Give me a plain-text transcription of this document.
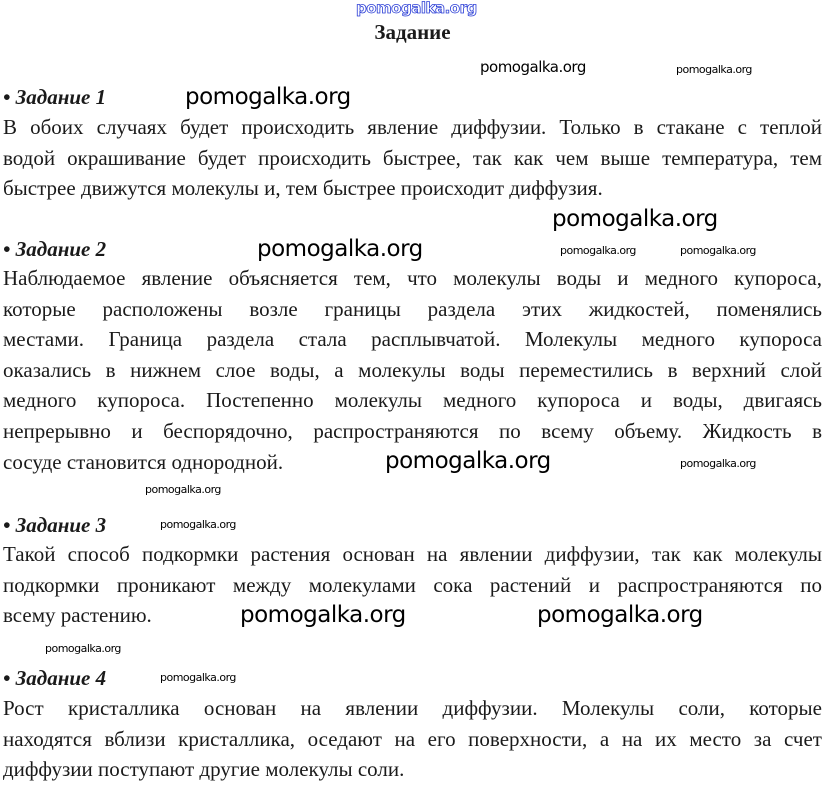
Задание
• Задание 1
В обоих случаях будет происходить явление диффузии. Только в стакане с теплой
водой окрашивание будет происходить быстрее, так как чем выше температура, тем
быстрее движутся молекулы и, тем быстрее происходит диффузия.
• Задание 2
Наблюдаемое явление объясняется тем, что молекулы воды и медного купороса,
которые расположены возле границы раздела этих жидкостей, поменялись
местами. Граница раздела стала расплывчатой. Молекулы медного купороса
оказались в нижнем слое воды, а молекулы воды переместились в верхний слой
медного купороса. Постепенно молекулы медного купороса и воды, двигаясь
непрерывно и беспорядочно, распространяются по всему объему. Жидкость в
сосуде становится однородной.
• Задание 3
Такой способ подкормки растения основан на явлении диффузии, так как молекулы
подкормки проникают между молекулами сока растений и распространяются по
всему растению.
• Задание 4
Рост кристаллика основан на явлении диффузии. Молекулы соли, которые
находятся вблизи кристаллика, оседают на его поверхности, а на их место за счет
диффузии поступают другие молекулы соли.
pomogalka.org
pomogalka.org	pomogalka.org
pomogalka.org
pomogalka.org
pomogalka.org	pomogalka.org	pomogalka.org
pomogalka.org
pomogalka.org	pomogalka.org
pomogalka.org
pomogalka.org	pomogalka.org
pomogalka.org
pomogalka.org
